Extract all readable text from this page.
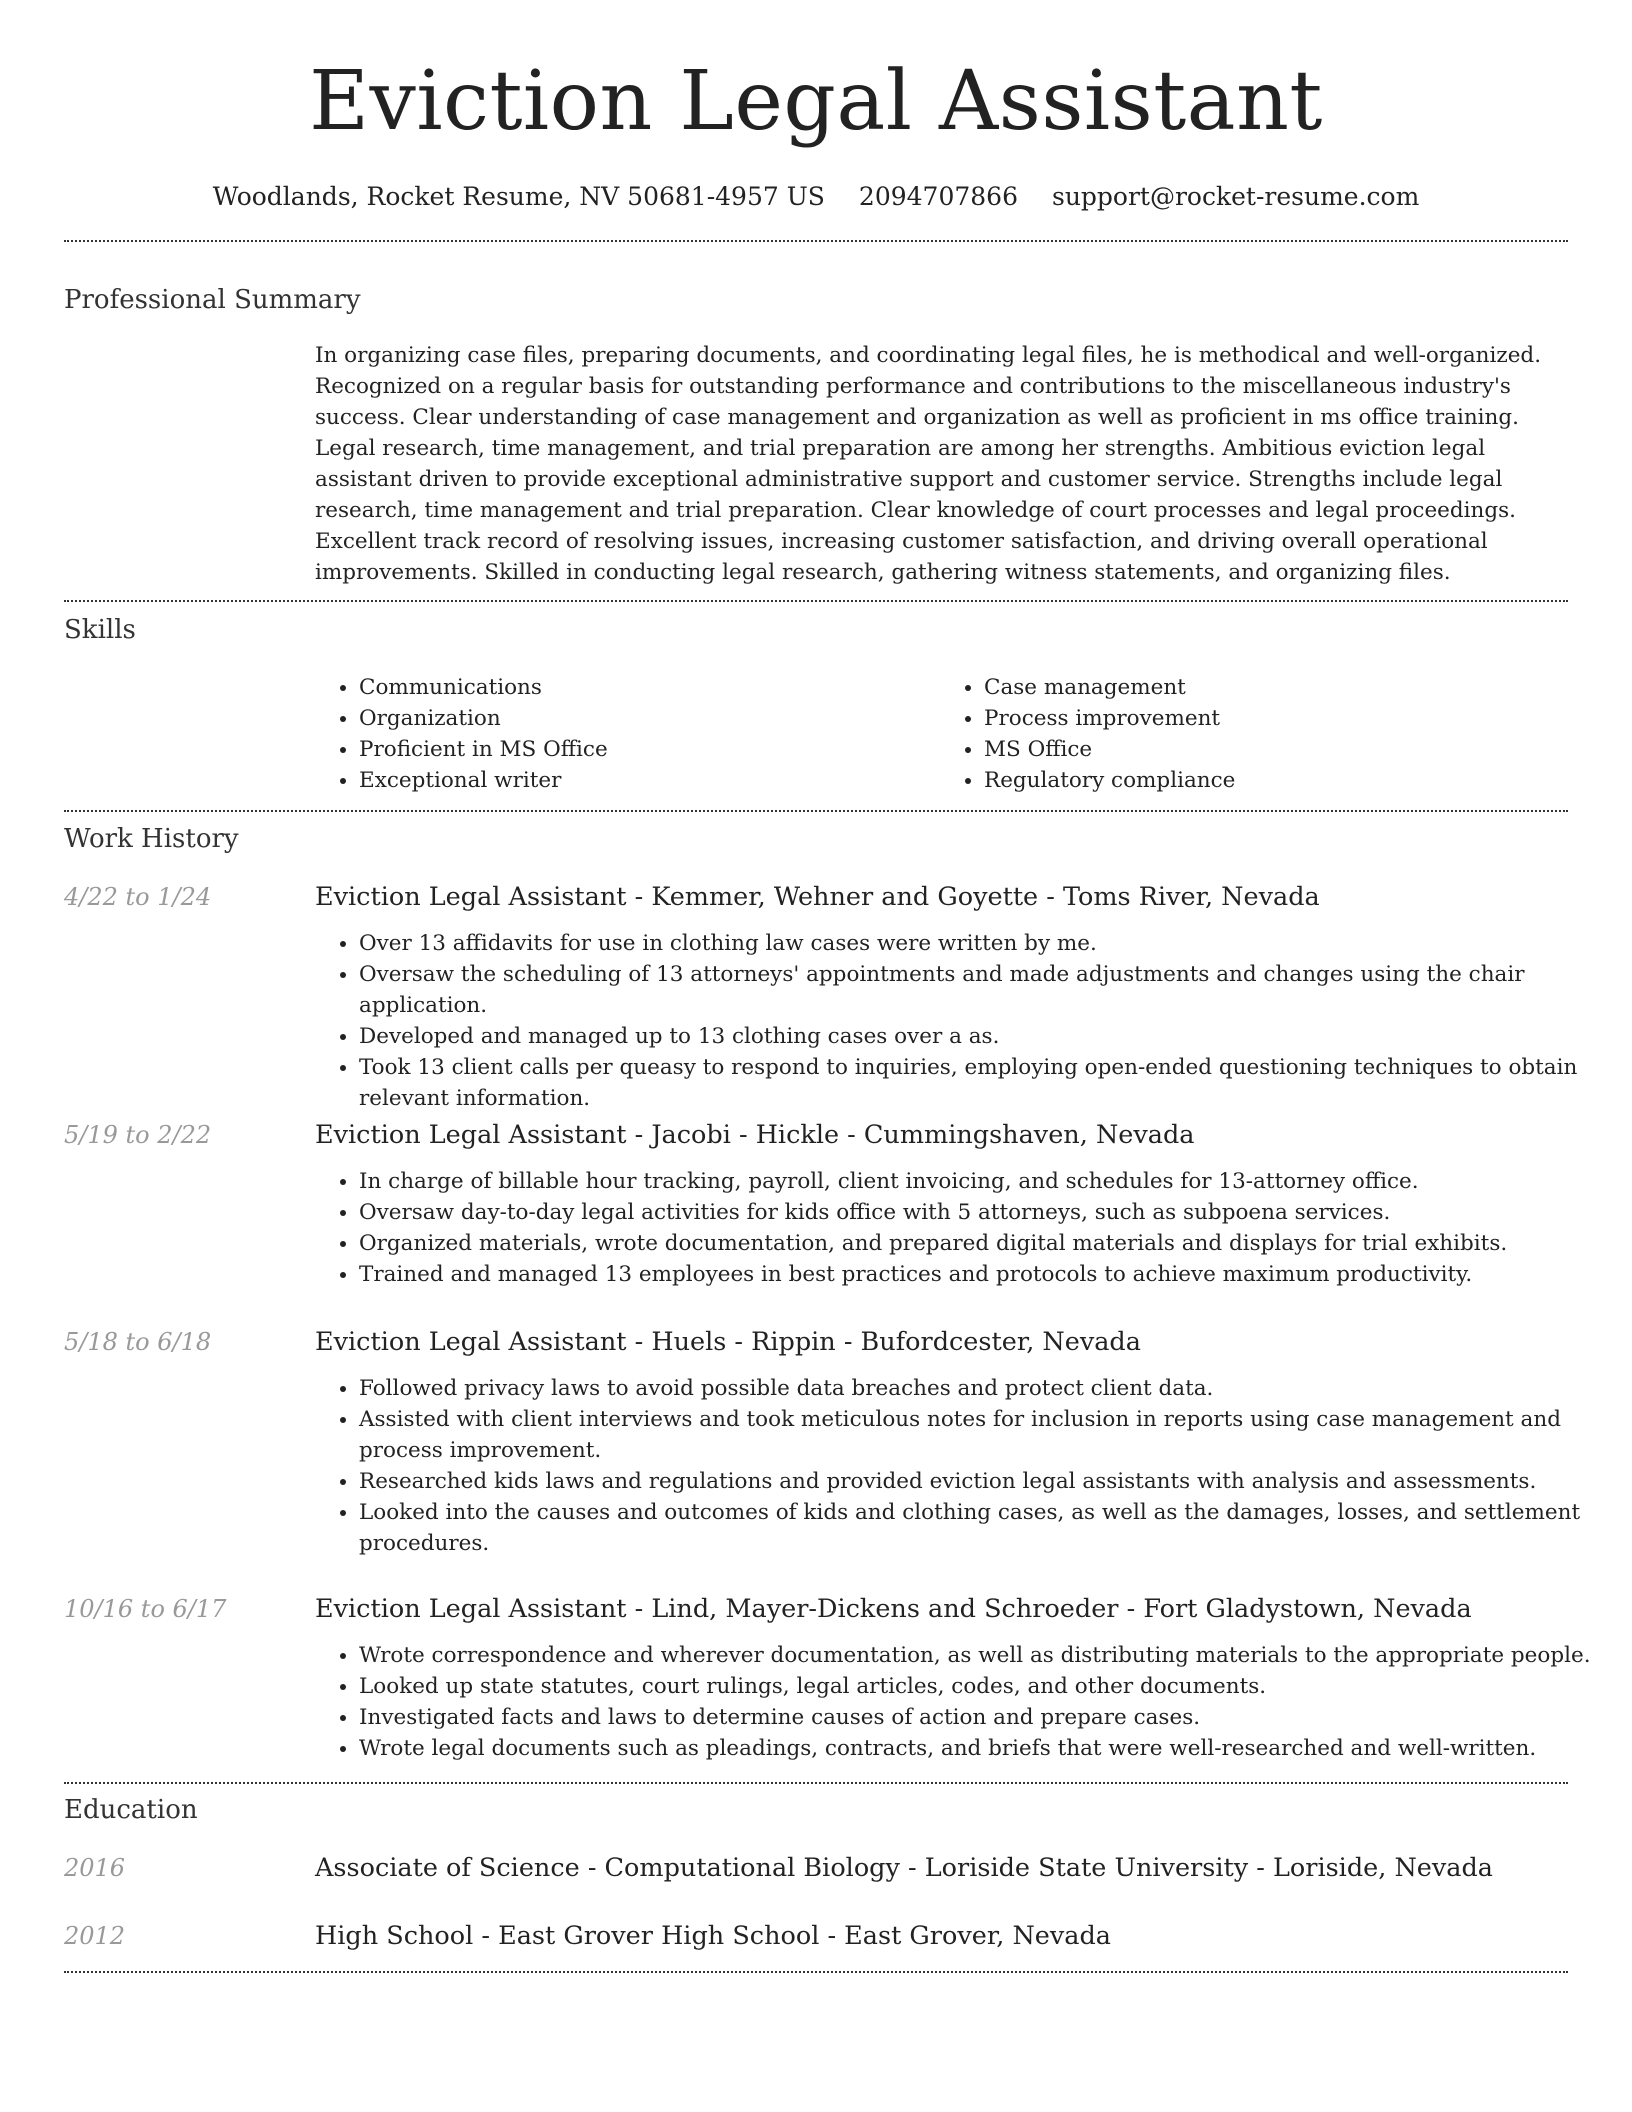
Eviction Legal Assistant
Woodlands, Rocket Resume, NV 50681-4957 US 2094707866 support@rocket-resume.com
Professional Summary

In organizing case files, preparing documents, and coordinating legal files, he is methodical and well-organized. Recognized on a regular basis for outstanding performance and contributions to the miscellaneous industry's success. Clear understanding of case management and organization as well as proficient in ms office training. Legal research, time management, and trial preparation are among her strengths. Ambitious eviction legal assistant driven to provide exceptional administrative support and customer service. Strengths include legal research, time management and trial preparation. Clear knowledge of court processes and legal proceedings. Excellent track record of resolving issues, increasing customer satisfaction, and driving overall operational improvements. Skilled in conducting legal research, gathering witness statements, and organizing files.

Skills
• Communications
• Organization
• Proficient in MS Office
• Exceptional writer
• Case management
• Process improvement
• MS Office
• Regulatory compliance
Work History
4/22 to 1/24	Eviction Legal Assistant - Kemmer, Wehner and Goyette - Toms River, Nevada
• Over 13 affidavits for use in clothing law cases were written by me.
• Oversaw the scheduling of 13 attorneys' appointments and made adjustments and changes using the chair application.
• Developed and managed up to 13 clothing cases over a as.
• Took 13 client calls per queasy to respond to inquiries, employing open-ended questioning techniques to obtain relevant information.
5/19 to 2/22	Eviction Legal Assistant - Jacobi - Hickle - Cummingshaven, Nevada
• In charge of billable hour tracking, payroll, client invoicing, and schedules for 13-attorney office.
• Oversaw day-to-day legal activities for kids office with 5 attorneys, such as subpoena services.
• Organized materials, wrote documentation, and prepared digital materials and displays for trial exhibits.
• Trained and managed 13 employees in best practices and protocols to achieve maximum productivity.
5/18 to 6/18	Eviction Legal Assistant - Huels - Rippin - Bufordcester, Nevada
• Followed privacy laws to avoid possible data breaches and protect client data.
• Assisted with client interviews and took meticulous notes for inclusion in reports using case management and process improvement.
• Researched kids laws and regulations and provided eviction legal assistants with analysis and assessments.
• Looked into the causes and outcomes of kids and clothing cases, as well as the damages, losses, and settlement procedures.
10/16 to 6/17	Eviction Legal Assistant - Lind, Mayer-Dickens and Schroeder - Fort Gladystown, Nevada
• Wrote correspondence and wherever documentation, as well as distributing materials to the appropriate people.
• Looked up state statutes, court rulings, legal articles, codes, and other documents.
• Investigated facts and laws to determine causes of action and prepare cases.
• Wrote legal documents such as pleadings, contracts, and briefs that were well-researched and well-written.
Education
2016	Associate of Science - Computational Biology - Loriside State University - Loriside, Nevada
2012	High School - East Grover High School - East Grover, Nevada
